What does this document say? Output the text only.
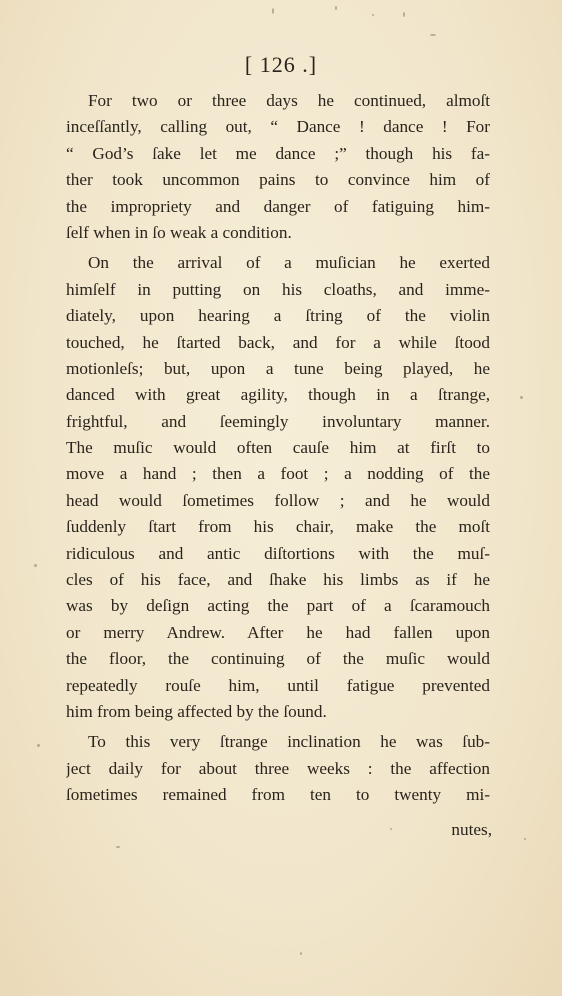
[ 126 .]
For two or three days he continued, almoſt
inceſſantly, calling out, “ Dance ! dance ! For
“ God’s ſake let me dance ;” though his fa-
ther took uncommon pains to convince him of
the impropriety and danger of fatiguing him-
ſelf when in ſo weak a condition.
On the arrival of a muſician he exerted
himſelf in putting on his cloaths, and imme-
diately, upon hearing a ſtring of the violin
touched, he ſtarted back, and for a while ſtood
motionleſs; but, upon a tune being played, he
danced with great agility, though in a ſtrange,
frightful, and ſeemingly involuntary manner.
The muſic would often cauſe him at firſt to
move a hand ; then a foot ; a nodding of the
head would ſometimes follow ; and he would
ſuddenly ſtart from his chair, make the moſt
ridiculous and antic diſtortions with the muſ-
cles of his face, and ſhake his limbs as if he
was by deſign acting the part of a ſcaramouch
or merry Andrew. After he had fallen upon
the floor, the continuing of the muſic would
repeatedly rouſe him, until fatigue prevented
him from being affected by the ſound.
To this very ſtrange inclination he was ſub-
ject daily for about three weeks : the affection
ſometimes remained from ten to twenty mi-
nutes,
